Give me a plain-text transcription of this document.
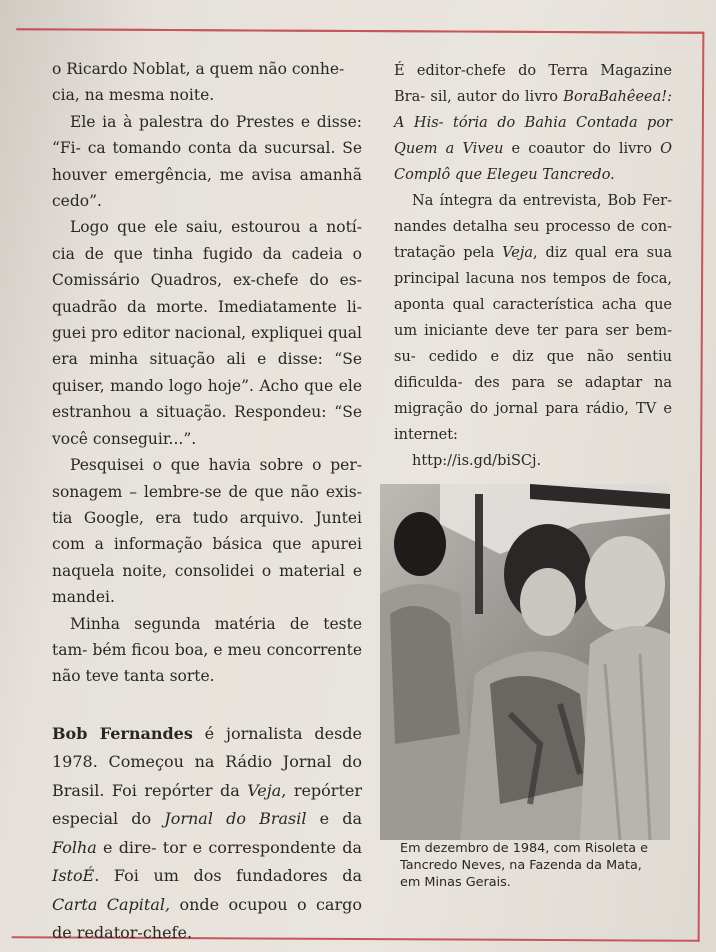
o Ricardo Noblat, a quem não conhe-
cia, na mesma noite.

Ele ia à palestra do Prestes e disse: “Fi- ca tomando conta da sucursal. Se houver emergência, me avisa amanhã cedo”.

Logo que ele saiu, estourou a notí- cia de que tinha fugido da cadeia o Comissário Quadros, ex-chefe do es- quadrão da morte. Imediatamente li- guei pro editor nacional, expliquei qual era minha situação ali e disse: “Se quiser, mando logo hoje”. Acho que ele estranhou a situação. Respondeu: “Se você conseguir...”.

Pesquisei o que havia sobre o per- sonagem – lembre-se de que não exis- tia Google, era tudo arquivo. Juntei com a informação básica que apurei naquela noite, consolidei o material e mandei.

Minha segunda matéria de teste tam- bém ficou boa, e meu concorrente não teve tanta sorte.

Bob Fernandes é jornalista desde 1978. Começou na Rádio Jornal do Brasil. Foi repórter da Veja, repórter especial do Jornal do Brasil e da Folha e dire- tor e correspondente da IstoÉ. Foi um dos fundadores da Carta Capital, onde ocupou o cargo de redator-chefe.

É editor-chefe do Terra Magazine Bra- sil, autor do livro BoraBahêeea!: A His- tória do Bahia Contada por Quem a Viveu e coautor do livro O Complô que Elegeu Tancredo.

Na íntegra da entrevista, Bob Fer- nandes detalha seu processo de con- tratação pela Veja, diz qual era sua principal lacuna nos tempos de foca, aponta qual característica acha que um iniciante deve ter para ser bem-su- cedido e diz que não sentiu dificulda- des para se adaptar na migração do jornal para rádio, TV e internet:

http://is.gd/biSCj.

Em dezembro de 1984, com Risoleta e
Tancredo Neves, na Fazenda da Mata,
em Minas Gerais.
